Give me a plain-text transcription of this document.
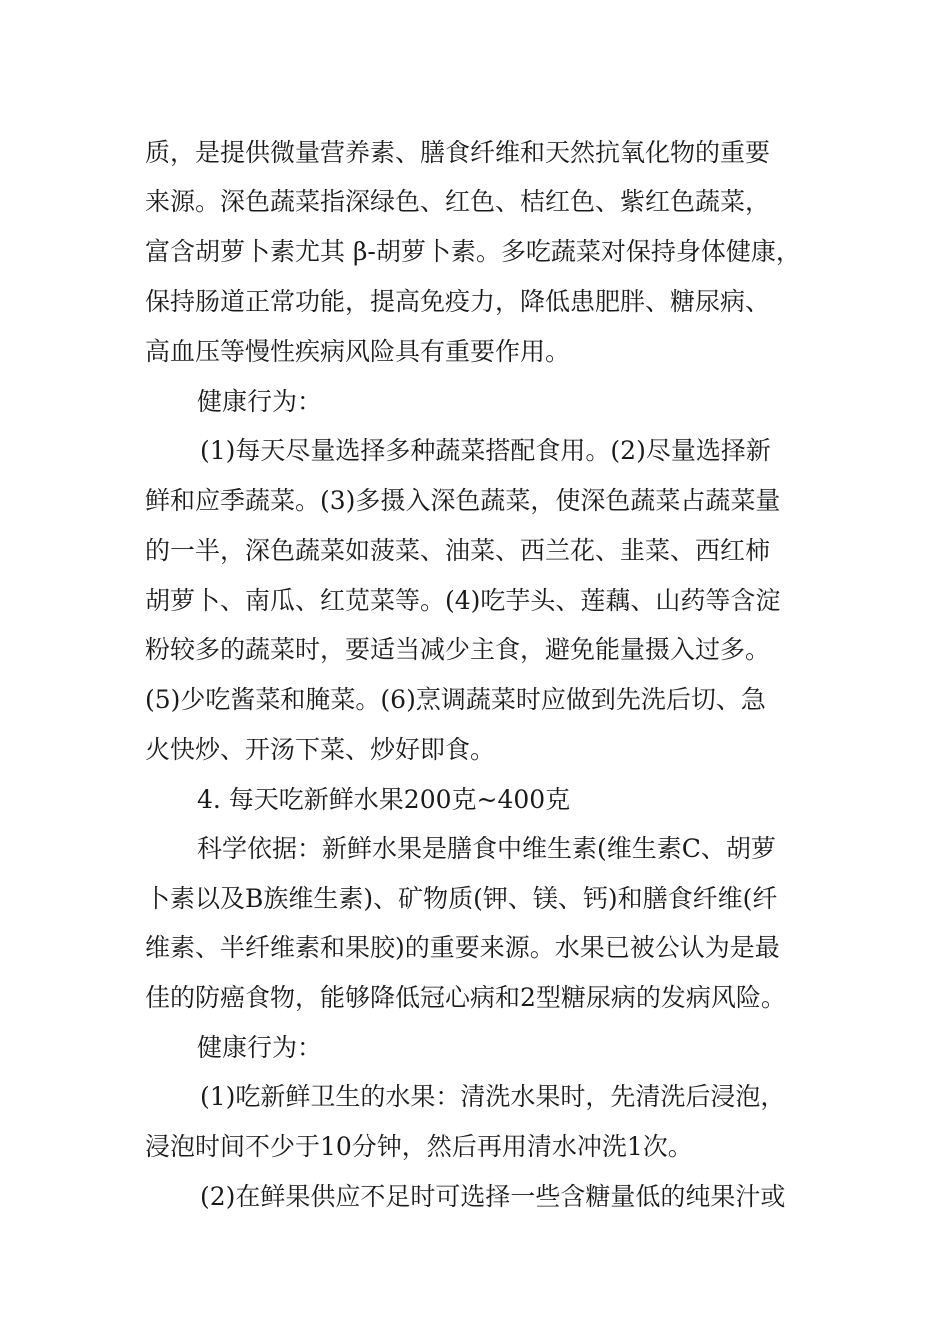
质，是提供微量营养素、膳食纤维和天然抗氧化物的重要
来源。深色蔬菜指深绿色、红色、桔红色、紫红色蔬菜，
富含胡萝卜素尤其 β-胡萝卜素。多吃蔬菜对保持身体健康，
保持肠道正常功能，提高免疫力，降低患肥胖、糖尿病、
高血压等慢性疾病风险具有重要作用。
健康行为：
(1)每天尽量选择多种蔬菜搭配食用。(2)尽量选择新
鲜和应季蔬菜。(3)多摄入深色蔬菜，使深色蔬菜占蔬菜量
的一半，深色蔬菜如菠菜、油菜、西兰花、韭菜、西红柿
胡萝卜、南瓜、红苋菜等。(4)吃芋头、莲藕、山药等含淀
粉较多的蔬菜时，要适当减少主食，避免能量摄入过多。
(5)少吃酱菜和腌菜。(6)烹调蔬菜时应做到先洗后切、急
火快炒、开汤下菜、炒好即食。
4. 每天吃新鲜水果200克~400克
科学依据：新鲜水果是膳食中维生素(维生素C、胡萝
卜素以及B族维生素)、矿物质(钾、镁、钙)和膳食纤维(纤
维素、半纤维素和果胶)的重要来源。水果已被公认为是最
佳的防癌食物，能够降低冠心病和2型糖尿病的发病风险。
健康行为：
(1)吃新鲜卫生的水果：清洗水果时，先清洗后浸泡，
浸泡时间不少于10分钟，然后再用清水冲洗1次。
(2)在鲜果供应不足时可选择一些含糖量低的纯果汁或
